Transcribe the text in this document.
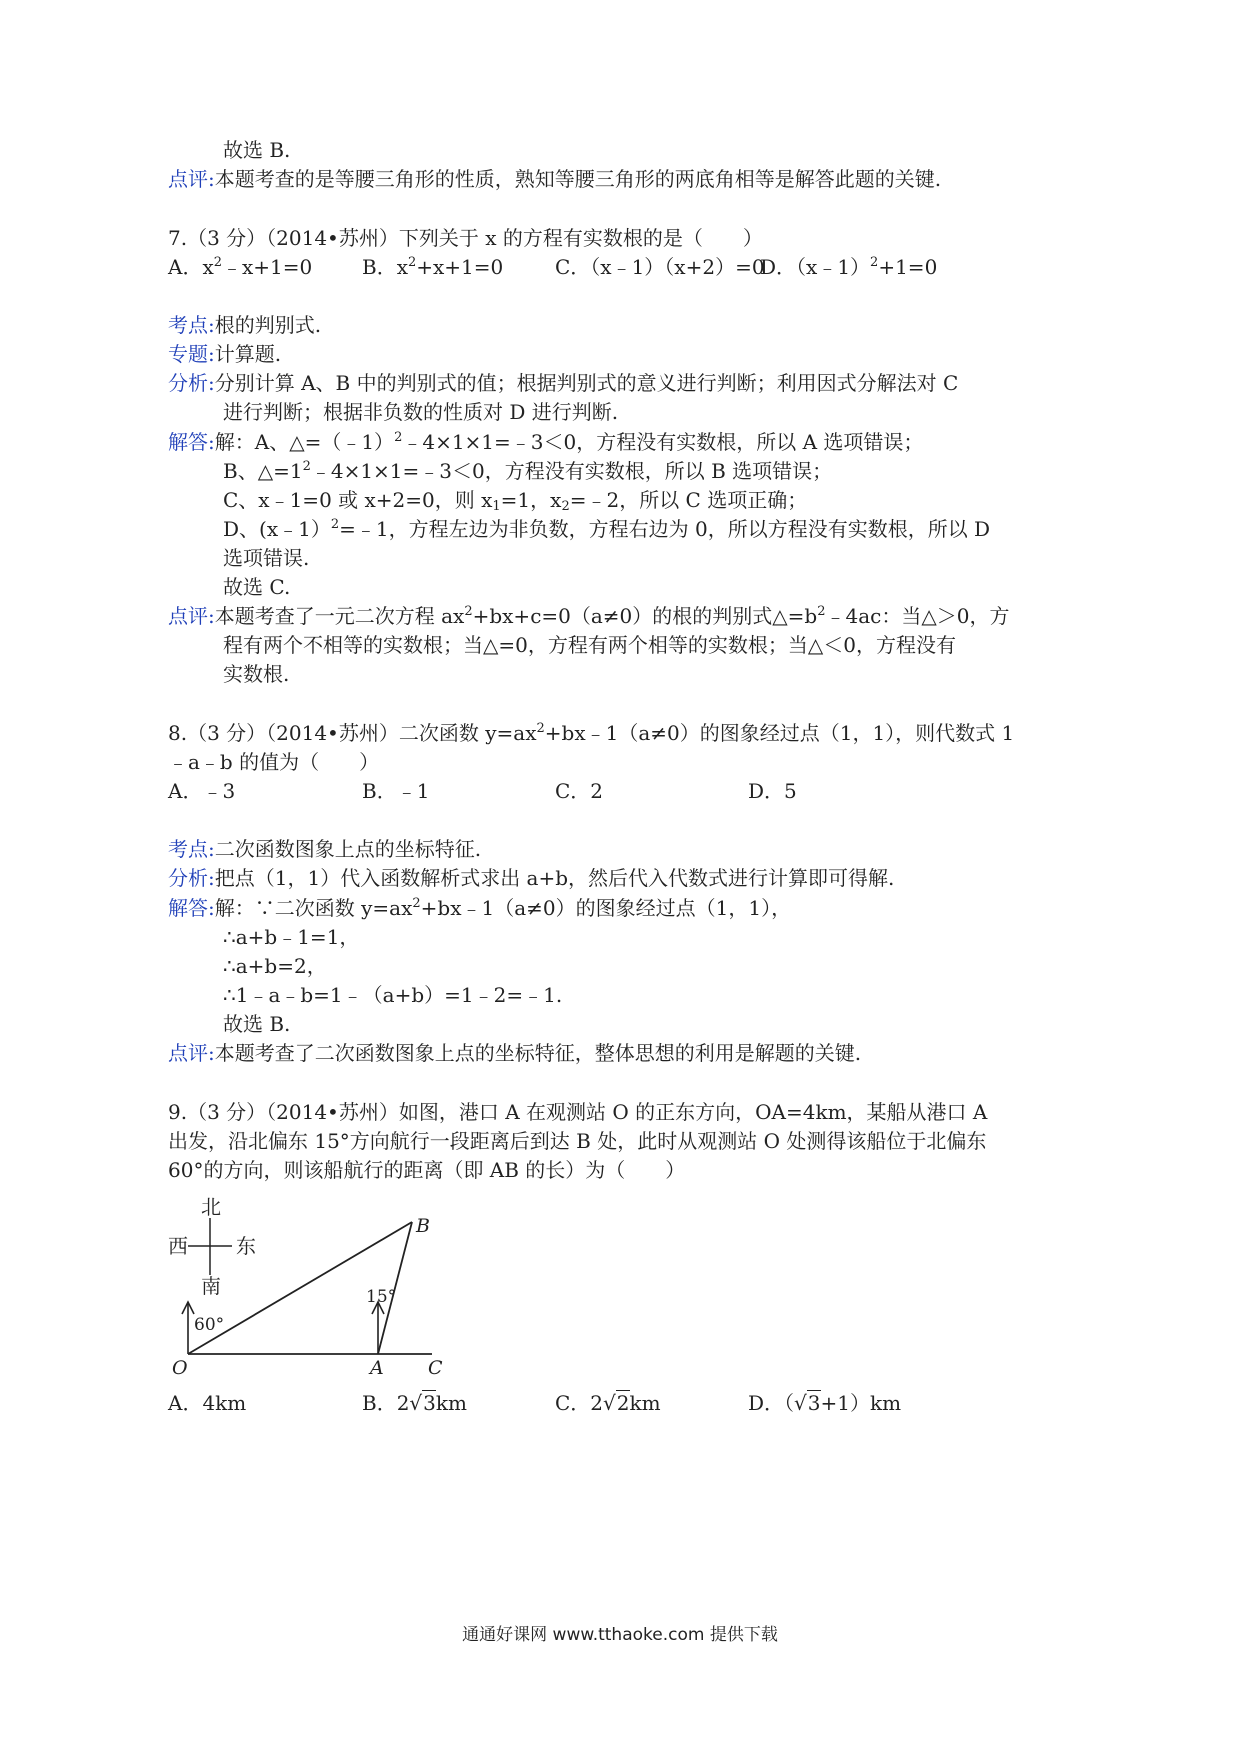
故选 B.
点评:本题考查的是等腰三角形的性质，熟知等腰三角形的两底角相等是解答此题的关键.
7.（3 分）（2014•苏州）下列关于 x 的方程有实数根的是（　　）
A．$x^2﹣x+1=0$ B．$x^2+x+1=0$	C．（x﹣1）（x+2）=0
D．（x﹣1）$^2$+1=0
考点:根的判别式.
专题:计算题.
分析:分别计算 A、B 中的判别式的值；根据判别式的意义进行判断；利用因式分解法对 C
进行判断；根据非负数的性质对 D 进行判断.
解答:解：A、△=（﹣1）$^2$﹣4×1×1=﹣3＜0，方程没有实数根，所以 A 选项错误；
B、$\triangle=1^2﹣4\times 1\times 1=﹣3<0$，方程没有实数根，所以 B 选项错误；
C、x﹣1=0 或 x+2=0，则 $x_1=1$，$x_2=﹣2$，所以 C 选项正确；
D、(x﹣1）$^2$=﹣1，方程左边为非负数，方程右边为 0，所以方程没有实数根，所以 D
选项错误.
故选 C.
点评:本题考查了一元二次方程 $ax^2+bx+c=0(a\ne 0)$的根的判别式$\triangle=b^2﹣4ac$：当△＞0，方
程有两个不相等的实数根；当△=0，方程有两个相等的实数根；当△＜0，方程没有
实数根.
8.（3 分）（2014•苏州）二次函数 $y=ax^2+bx﹣1(a\ne 0)$的图象经过点（1，1），则代数式 1
﹣a﹣b 的值为（　　）
A．﹣3	B．﹣1	C．2	D．5
考点:二次函数图象上点的坐标特征.
分析:把点（1，1）代入函数解析式求出 a+b，然后代入代数式进行计算即可得解.
解答:解：∵二次函数 $y=ax^2+bx﹣1(a\ne 0)$的图象经过点（1，1），
∴a+b﹣1=1，
∴a+b=2，
∴1﹣a﹣b=1﹣（a+b）=1﹣2=﹣1.
故选 B.
点评:本题考查了二次函数图象上点的坐标特征，整体思想的利用是解题的关键.
9.（3 分）（2014•苏州）如图，港口 A 在观测站 O 的正东方向，OA=4km，某船从港口 A
出发，沿北偏东 15°方向航行一段距离后到达 B 处，此时从观测站 O 处测得该船位于北偏东
60°的方向，则该船航行的距离（即 AB 的长）为（　　）
北
南
西 东
60°
15°
O	A C
B
A．4km	B．2√3km	C．2√2km	D．（√3+1）km
通通好课网 www.tthaoke.com 提供下载
